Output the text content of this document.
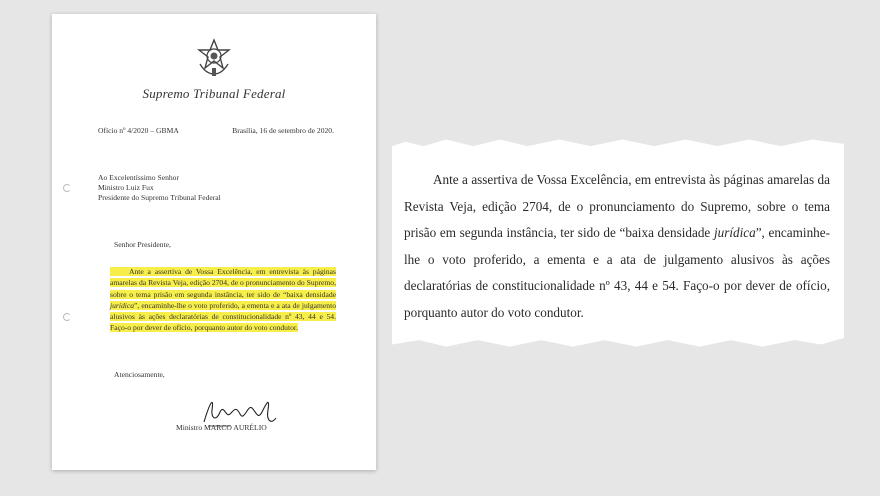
Supremo Tribunal Federal
Ofício nº 4/2020 – GBMA	Brasília, 16 de setembro de 2020.
Ao Excelentíssimo Senhor
Ministro Luiz Fux
Presidente do Supremo Tribunal Federal
Senhor Presidente,
Ante a assertiva de Vossa Excelência, em entrevista às páginas amarelas da Revista Veja, edição 2704, de o pronunciamento do Supremo, sobre o tema prisão em segunda instância, ter sido de “baixa densidade jurídica”, encaminhe-lhe o voto proferido, a ementa e a ata de julgamento alusivos às ações declaratórias de constitucionalidade nº 43, 44 e 54. Faço-o por dever de ofício, porquanto autor do voto condutor.
Atenciosamente,
Ministro MARCO AURÉLIO

Ante a assertiva de Vossa Excelência, em entrevista às páginas amarelas da Revista Veja, edição 2704, de o pronunciamento do Supremo, sobre o tema prisão em segunda instância, ter sido de “baixa densidade jurídica”, encaminhe-lhe o voto proferido, a ementa e a ata de julgamento alusivos às ações declaratórias de constitucionalidade nº 43, 44 e 54. Faço-o por dever de ofício, porquanto autor do voto condutor.
